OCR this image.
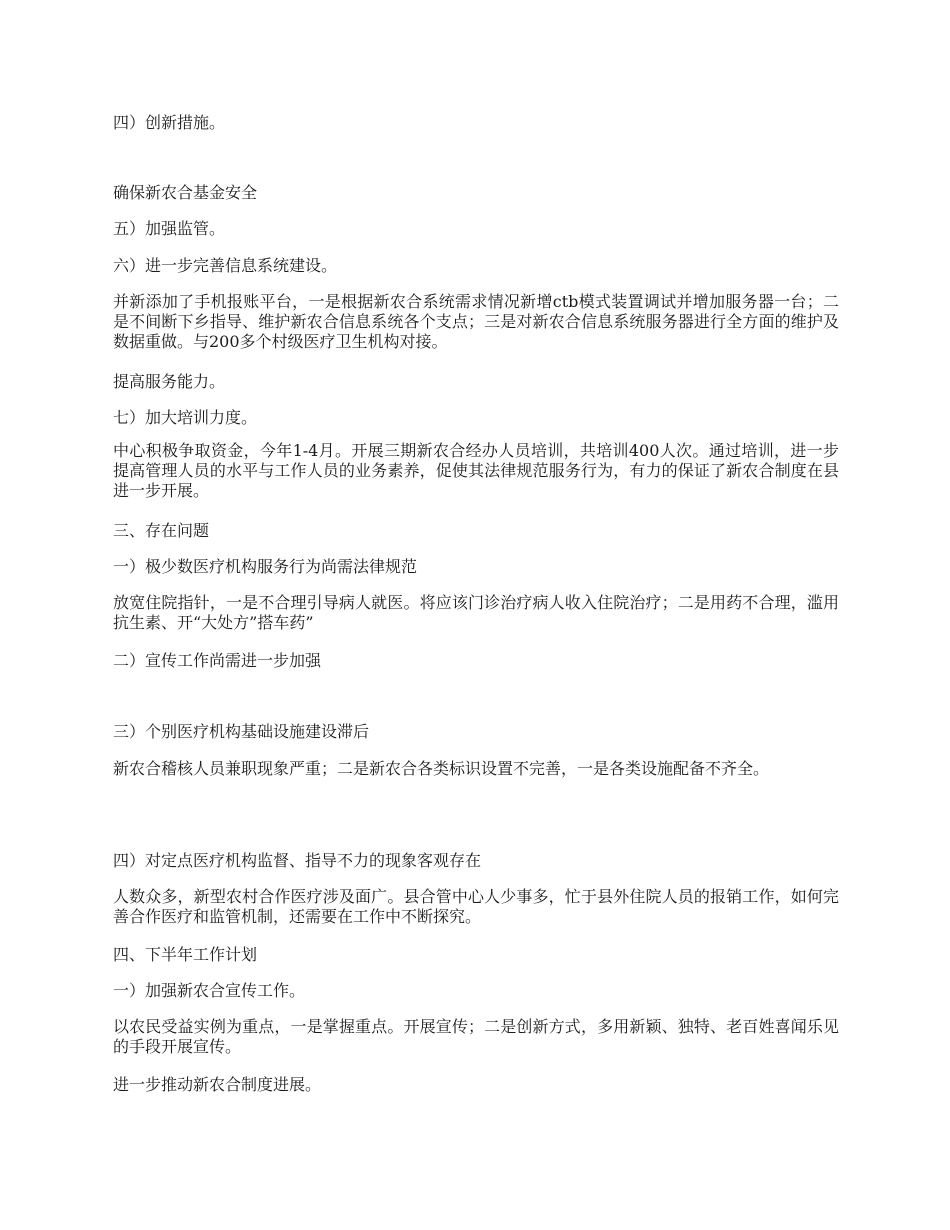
四）创新措施。

确保新农合基金安全

五）加强监管。

六）进一步完善信息系统建设。

并新添加了手机报账平台，一是根据新农合系统需求情况新增ctb模式装置调试并增加服务器一台；二是不间断下乡指导、维护新农合信息系统各个支点；三是对新农合信息系统服务器进行全方面的维护及数据重做。与200多个村级医疗卫生机构对接。

提高服务能力。

七）加大培训力度。

中心积极争取资金，今年1-4月。开展三期新农合经办人员培训，共培训400人次。通过培训，进一步提高管理人员的水平与工作人员的业务素养，促使其法律规范服务行为，有力的保证了新农合制度在县进一步开展。

三、存在问题

一）极少数医疗机构服务行为尚需法律规范

放宽住院指针，一是不合理引导病人就医。将应该门诊治疗病人收入住院治疗；二是用药不合理，滥用抗生素、开“大处方”搭车药”

二）宣传工作尚需进一步加强

三）个别医疗机构基础设施建设滞后

新农合稽核人员兼职现象严重；二是新农合各类标识设置不完善，一是各类设施配备不齐全。

四）对定点医疗机构监督、指导不力的现象客观存在

人数众多，新型农村合作医疗涉及面广。县合管中心人少事多，忙于县外住院人员的报销工作，如何完善合作医疗和监管机制，还需要在工作中不断探究。

四、下半年工作计划

一）加强新农合宣传工作。

以农民受益实例为重点，一是掌握重点。开展宣传；二是创新方式，多用新颖、独特、老百姓喜闻乐见的手段开展宣传。

进一步推动新农合制度进展。
